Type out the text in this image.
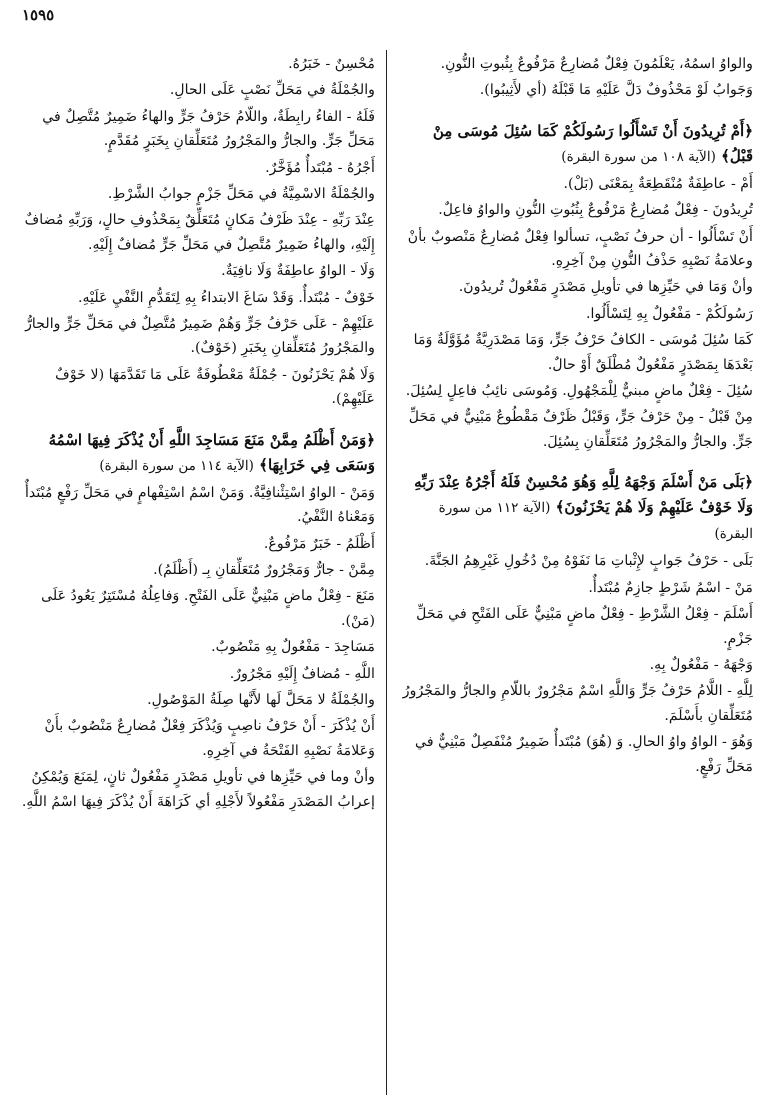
١٥٩٥
والواوُ اسمُهُ، يَعْلَمُونَ فِعْلٌ مُضارِعٌ مَرْفُوعٌ بِثُبوتِ النُّونِ.
وَجَوابُ لَوْ مَحْذُوفٌ دَلَّ عَلَيْهِ مَا قَبْلَهُ (أي لأَثِيبُوا).
﴿أَمْ تُرِيدُونَ أَنْ تَسْأَلُوا رَسُولَكُمْ كَمَا سُئِلَ مُوسَى مِنْ قَبْلُ﴾ (الآية ١٠٨ من سورة البقرة)
أَمْ - عاطِفَةٌ مُنْقَطِعَةٌ بِمَعْنَى (بَلْ).
تُرِيدُونَ - فِعْلٌ مُضارِعٌ مَرْفُوعٌ بِثُبُوتِ النُّونِ والواوُ فاعِلٌ.
أَنْ تَسْأَلُوا - أن حرفُ نَصْبٍ، تسألوا فِعْلٌ مُضارِعٌ مَنْصوبٌ بأنْ وعلامَةُ نَصْبِهِ حَذْفُ النُّونِ مِنْ آخِرِهِ.
وأنْ وَمَا في حَيِّزِها في تأويلِ مَصْدَرٍ مَفْعُولٌ تُريدُونَ.
رَسُولَكُمْ - مَفْعُولٌ بِهِ لِتَسْأَلُوا.
كَمَا سُئِلَ مُوسَى - الكافُ حَرْفُ جَرٍّ، وَمَا مَصْدَرِيَّةٌ مُؤَوَّلَةٌ وَمَا بَعْدَهَا بِمَصْدَرٍ مَفْعُولٌ مُطْلَقٌ أَوْ حالٌ.
سُئِلَ - فِعْلٌ ماضٍ مبنيٌّ لِلْمَجْهُولِ. وَمُوسَى نائِبُ فاعِلٍ لِسُئِلَ.
مِنْ قَبْلُ - مِنْ حَرْفُ جَرٍّ، وَقَبْلُ ظَرْفٌ مَقْطُوعٌ مَبْنِيٌّ في مَحَلِّ جَرٍّ. والجارُّ والمَجْرُورُ مُتَعَلِّقانِ بِسُئِلَ.
﴿بَلَى مَنْ أَسْلَمَ وَجْهَهُ لِلَّهِ وَهُوَ مُحْسِنٌ فَلَهُ أَجْرُهُ عِنْدَ رَبِّهِ وَلَا خَوْفٌ عَلَيْهِمْ وَلَا هُمْ يَحْزَنُونَ﴾ (الآية ١١٢ من سورة البقرة)
بَلَى - حَرْفُ جَوابٍ لإِثْباتِ مَا نَفَوْهُ مِنْ دُخُولِ غَيْرِهِمُ الجَنَّةَ.
مَنْ - اسْمُ شَرْطٍ جازِمٌ مُبْتَدأٌ.
أَسْلَمَ - فِعْلُ الشَّرْطِ - فِعْلٌ ماضٍ مَبْنِيٌّ عَلَى الفَتْحِ في مَحَلِّ جَزْمٍ.
وَجْهَهُ - مَفْعُولٌ بِهِ.
لِلَّهِ - اللَّامُ حَرْفُ جَرٍّ وَاللَّهِ اسْمٌ مَجْرُورٌ باللّامِ والجارُّ والمَجْرُورُ مُتَعَلِّقانِ بأَسْلَمَ.
وَهُوَ - الواوُ واوُ الحالِ. وَ (هُوَ) مُبْتَدأٌ ضَمِيرٌ مُنْفَصِلٌ مَبْنِيٌّ في مَحَلِّ رَفْعٍ.
مُحْسِنٌ - خَبَرُهُ.
والجُمْلَةُ في مَحَلِّ نَصْبٍ عَلَى الحالِ.
فَلَهُ - الفاءُ رابِطَةٌ، واللّامُ حَرْفُ جَرٍّ والهاءُ ضَمِيرٌ مُتَّصِلٌ في مَحَلِّ جَرٍّ. والجارُّ والمَجْرُورُ مُتَعَلِّقانِ بِخَبَرٍ مُقَدَّمٍ.
أَجْرُهُ - مُبْتَدأٌ مُؤَخَّرٌ.
والجُمْلَةُ الاسْمِيَّةُ في مَحَلِّ جَزْمٍ جوابُ الشَّرْطِ.
عِنْدَ رَبِّهِ - عِنْدَ ظَرْفُ مَكانٍ مُتَعَلِّقٌ بِمَحْذُوفِ حالٍ، وَرَبِّهِ مُضافٌ إِلَيْهِ، والهاءُ ضَمِيرٌ مُتَّصِلٌ في مَحَلِّ جَرٍّ مُضافٌ إِلَيْهِ.
وَلَا - الواوُ عاطِفَةٌ وَلَا نافِيَةٌ.
خَوْفٌ - مُبْتَدأٌ. وَقَدْ سَاغَ الابتداءُ بِهِ لِتَقَدُّمِ النَّفْيِ عَلَيْهِ.
عَلَيْهِمْ - عَلَى حَرْفُ جَرٍّ وَهُمْ ضَمِيرٌ مُتَّصِلٌ في مَحَلِّ جَرٍّ والجارُّ والمَجْرُورُ مُتَعَلِّقانِ بِخَبَرِ (خَوْفٌ).
وَلَا هُمْ يَحْزَنُونَ - جُمْلَةٌ مَعْطُوفَةٌ عَلَى مَا تَقَدَّمَهَا (لا خَوْفٌ عَلَيْهِمْ).
﴿وَمَنْ أَظْلَمُ مِمَّنْ مَنَعَ مَسَاجِدَ اللَّهِ أَنْ يُذْكَرَ فِيهَا اسْمُهُ وَسَعَى فِي خَرَابِهَا﴾ (الآية ١١٤ من سورة البقرة)
وَمَنْ - الواوُ اسْتِئْنافِيَّةٌ. وَمَنْ اسْمُ اسْتِفْهامٍ في مَحَلِّ رَفْعٍ مُبْتَدأٌ وَمَعْناهُ النَّفْيُ.
أَظْلَمُ - خَبَرٌ مَرْفُوعٌ.
مِمَّنْ - جارٌّ وَمَجْرُورٌ مُتَعَلِّقانِ بِـ (أَظْلَمُ).
مَنَعَ - فِعْلٌ ماضٍ مَبْنِيٌّ عَلَى الفَتْحِ. وَفاعِلُهُ مُسْتَتِرٌ يَعُودُ عَلَى (مَنْ).
مَسَاجِدَ - مَفْعُولٌ بِهِ مَنْصُوبٌ.
اللَّهِ - مُضافٌ إِلَيْهِ مَجْرُورٌ.
والجُمْلَةُ لا مَحَلَّ لَها لأَنَّها صِلَةُ المَوْصُولِ.
أَنْ يُذْكَرَ - أَنْ حَرْفُ ناصِبٍ وَيُذْكَرَ فِعْلٌ مُضارِعٌ مَنْصُوبٌ بأَنْ وَعَلامَةُ نَصْبِهِ الفَتْحَةُ في آخِرِهِ.
وأنْ وما في حَيِّزِها في تأويلِ مَصْدَرٍ مَفْعُولٌ ثانٍ، لِمَنَعَ وَيُمْكِنُ إعرابُ المَصْدَرِ مَفْعُولاً لأَجْلِهِ أي كَرَاهَةَ أَنْ يُذْكَرَ فِيهَا اسْمُ اللَّهِ.
